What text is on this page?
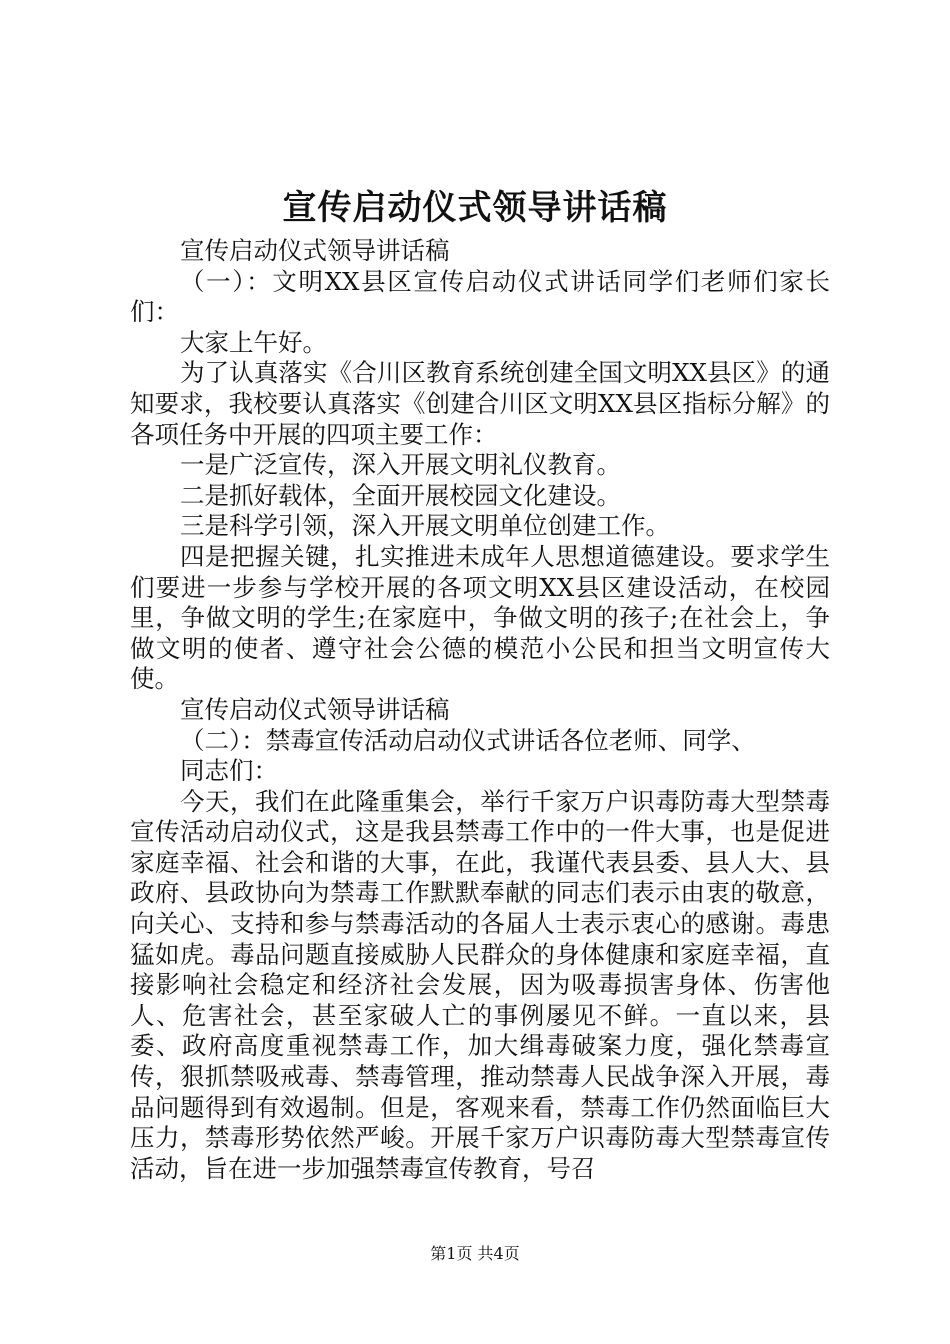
宣传启动仪式领导讲话稿

宣传启动仪式领导讲话稿

（一）：文明XX县区宣传启动仪式讲话同学们老师们家长们：

大家上午好。

为了认真落实《合川区教育系统创建全国文明XX县区》的通知要求，我校要认真落实《创建合川区文明XX县区指标分解》的各项任务中开展的四项主要工作：

一是广泛宣传，深入开展文明礼仪教育。

二是抓好载体，全面开展校园文化建设。

三是科学引领，深入开展文明单位创建工作。

四是把握关键，扎实推进未成年人思想道德建设。要求学生们要进一步参与学校开展的各项文明XX县区建设活动，在校园里，争做文明的学生;在家庭中，争做文明的孩子;在社会上，争做文明的使者、遵守社会公德的模范小公民和担当文明宣传大使。

宣传启动仪式领导讲话稿

（二）：禁毒宣传活动启动仪式讲话各位老师、同学、

同志们：

今天，我们在此隆重集会，举行千家万户识毒防毒大型禁毒宣传活动启动仪式，这是我县禁毒工作中的一件大事，也是促进家庭幸福、社会和谐的大事，在此，我谨代表县委、县人大、县政府、县政协向为禁毒工作默默奉献的同志们表示由衷的敬意，向关心、支持和参与禁毒活动的各届人士表示衷心的感谢。毒患猛如虎。毒品问题直接威胁人民群众的身体健康和家庭幸福，直接影响社会稳定和经济社会发展，因为吸毒损害身体、伤害他人、危害社会，甚至家破人亡的事例屡见不鲜。一直以来，县委、政府高度重视禁毒工作，加大缉毒破案力度，强化禁毒宣传，狠抓禁吸戒毒、禁毒管理，推动禁毒人民战争深入开展，毒品问题得到有效遏制。但是，客观来看，禁毒工作仍然面临巨大压力，禁毒形势依然严峻。开展千家万户识毒防毒大型禁毒宣传活动，旨在进一步加强禁毒宣传教育，号召

第1页 共4页
